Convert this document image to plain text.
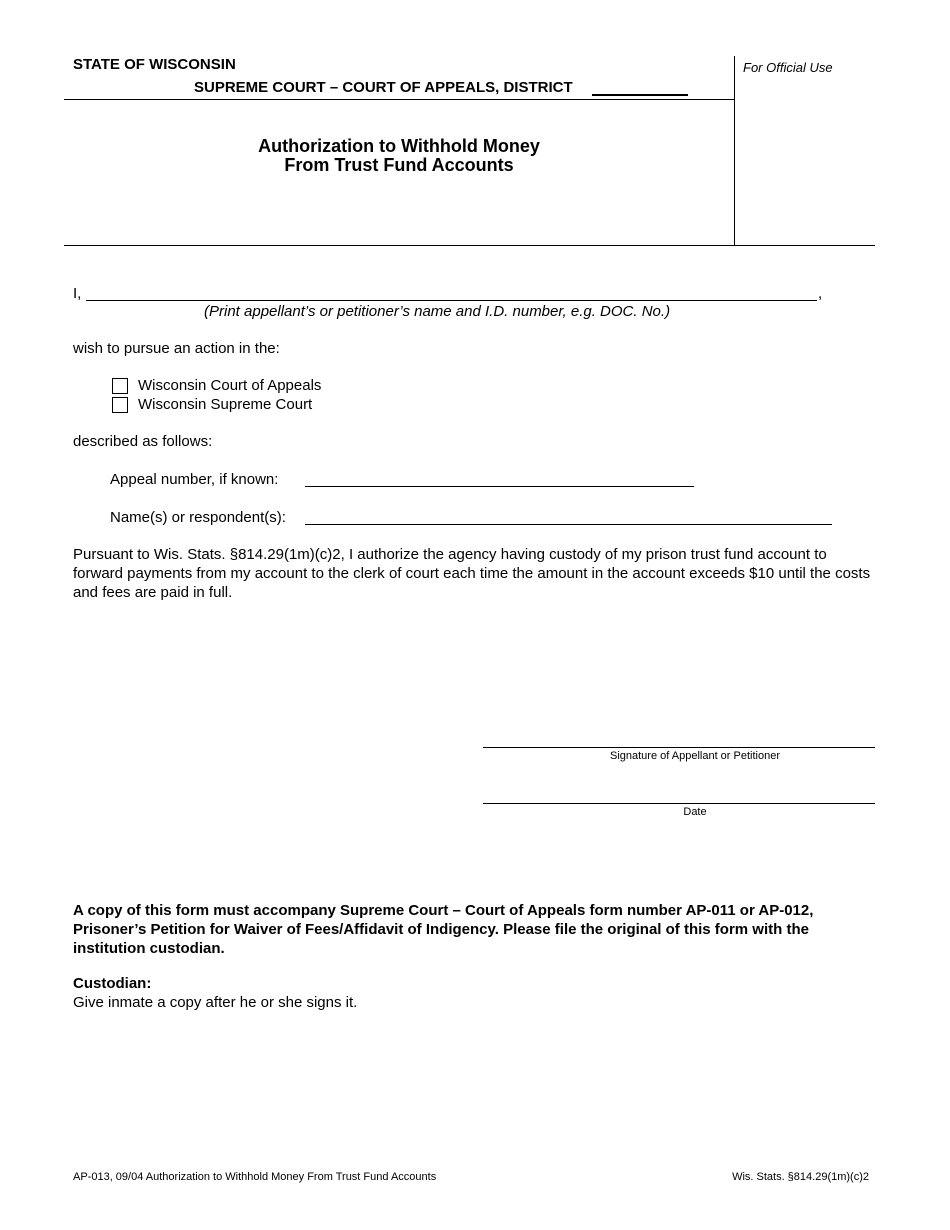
STATE OF WISCONSIN
SUPREME COURT – COURT OF APPEALS, DISTRICT
For Official Use
Authorization to Withhold Money
From Trust Fund Accounts
I,	,
(Print appellant’s or petitioner’s name and I.D. number, e.g. DOC. No.)
wish to pursue an action in the:
Wisconsin Court of Appeals
Wisconsin Supreme Court
described as follows:
Appeal number, if known:
Name(s) or respondent(s):
Pursuant to Wis. Stats. §814.29(1m)(c)2, I authorize the agency having custody of my prison trust fund account to forward payments from my account to the clerk of court each time the amount in the account exceeds $10 until the costs and fees are paid in full.
Signature of Appellant or Petitioner
Date
A copy of this form must accompany Supreme Court – Court of Appeals form number AP-011 or AP-012, Prisoner’s Petition for Waiver of Fees/Affidavit of Indigency. Please file the original of this form with the institution custodian.
Custodian:
Give inmate a copy after he or she signs it.
AP-013, 09/04 Authorization to Withhold Money From Trust Fund Accounts	Wis. Stats. §814.29(1m)(c)2
